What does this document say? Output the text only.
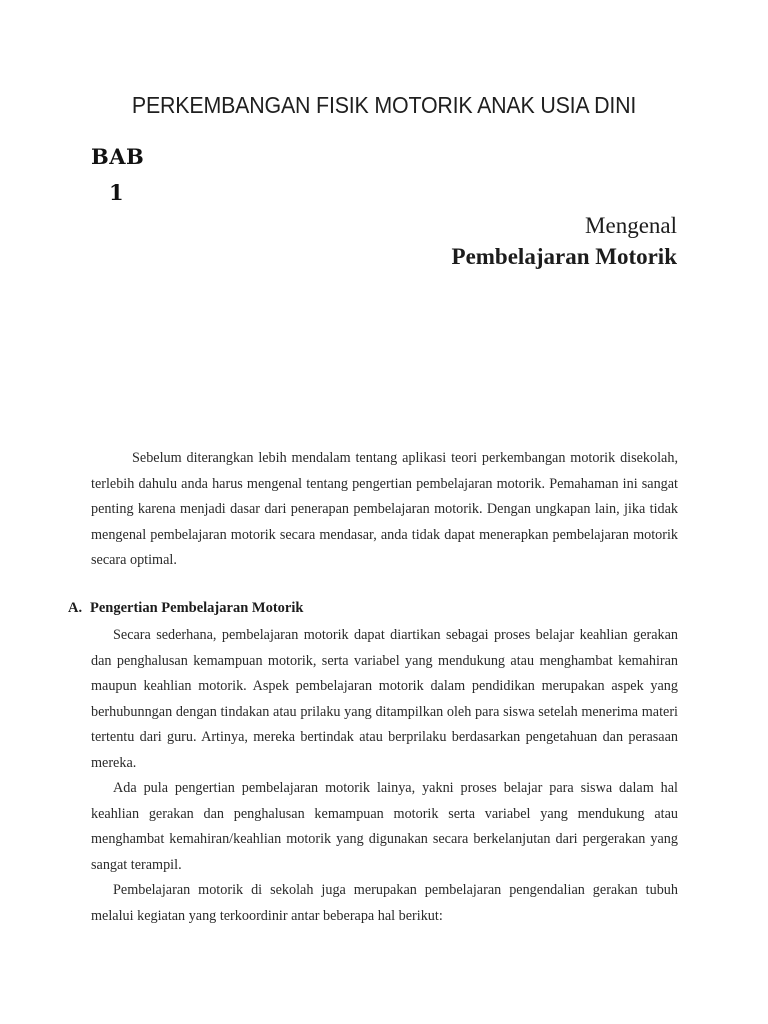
PERKEMBANGAN FISIK MOTORIK ANAK USIA DINI
BAB
1
Mengenal
Pembelajaran Motorik

Sebelum diterangkan lebih mendalam tentang aplikasi teori perkembangan motorik disekolah, terlebih dahulu anda harus mengenal tentang pengertian pembelajaran motorik. Pemahaman ini sangat penting karena menjadi dasar dari penerapan pembelajaran motorik. Dengan ungkapan lain, jika tidak mengenal pembelajaran motorik secara mendasar, anda tidak dapat menerapkan pembelajaran motorik secara optimal.

A. Pengertian Pembelajaran Motorik

Secara sederhana, pembelajaran motorik dapat diartikan sebagai proses belajar keahlian gerakan dan penghalusan kemampuan motorik, serta variabel yang mendukung atau menghambat kemahiran maupun keahlian motorik. Aspek pembelajaran motorik dalam pendidikan merupakan aspek yang berhubunngan dengan tindakan atau prilaku yang ditampilkan oleh para siswa setelah menerima materi tertentu dari guru. Artinya, mereka bertindak atau berprilaku berdasarkan pengetahuan dan perasaan mereka.

Ada pula pengertian pembelajaran motorik lainya, yakni proses belajar para siswa dalam hal keahlian gerakan dan penghalusan kemampuan motorik serta variabel yang mendukung atau menghambat kemahiran/keahlian motorik yang digunakan secara berkelanjutan dari pergerakan yang sangat terampil.

Pembelajaran motorik di sekolah juga merupakan pembelajaran pengendalian gerakan tubuh melalui kegiatan yang terkoordinir antar beberapa hal berikut:
